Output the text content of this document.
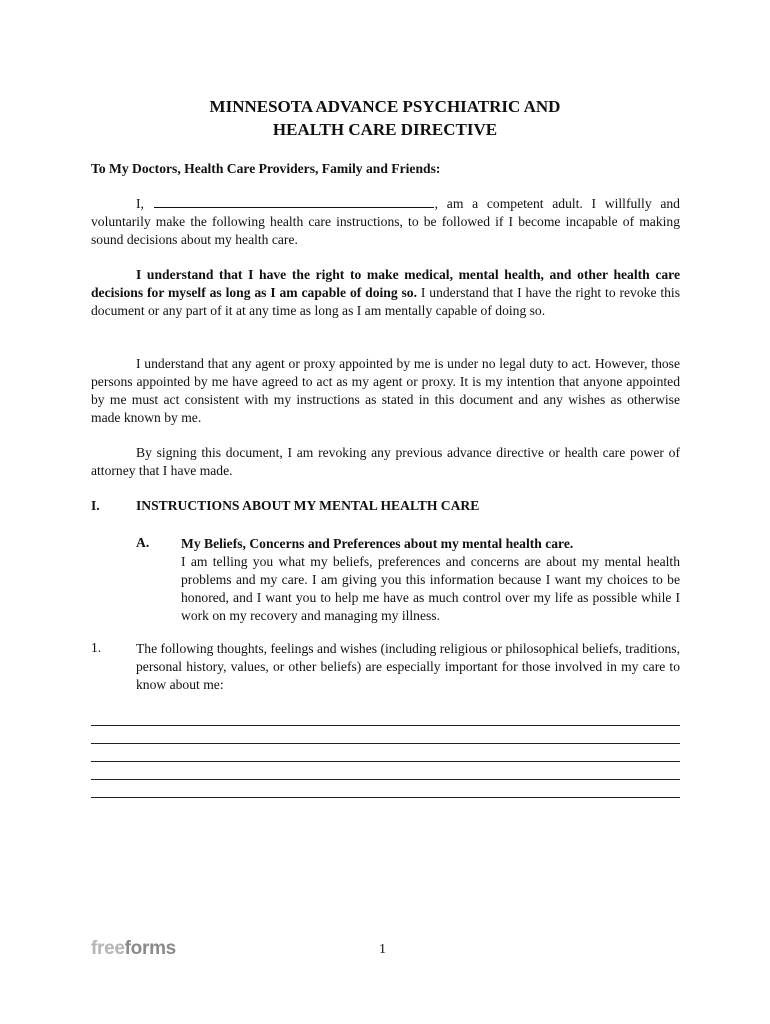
MINNESOTA ADVANCE PSYCHIATRIC AND
HEALTH CARE DIRECTIVE
To My Doctors, Health Care Providers, Family and Friends:
I,	, am a competent adult. I willfully and voluntarily make the following health care instructions, to be followed if I become incapable of making sound decisions about my health care.
I understand that I have the right to make medical, mental health, and other health care decisions for myself as long as I am capable of doing so. I understand that I have the right to revoke this document or any part of it at any time as long as I am mentally capable of doing so.
I understand that any agent or proxy appointed by me is under no legal duty to act. However, those persons appointed by me have agreed to act as my agent or proxy. It is my intention that anyone appointed by me must act consistent with my instructions as stated in this document and any wishes as otherwise made known by me.
By signing this document, I am revoking any previous advance directive or health care power of attorney that I have made.
I.	INSTRUCTIONS ABOUT MY MENTAL HEALTH CARE
A. My Beliefs, Concerns and Preferences about my mental health care.
I am telling you what my beliefs, preferences and concerns are about my mental health problems and my care. I am giving you this information because I want my choices to be honored, and I want you to help me have as much control over my life as possible while I work on my recovery and managing my illness.
1.	The following thoughts, feelings and wishes (including religious or philosophical beliefs, traditions, personal history, values, or other beliefs) are especially important for those involved in my care to know about me:
freeforms	1
